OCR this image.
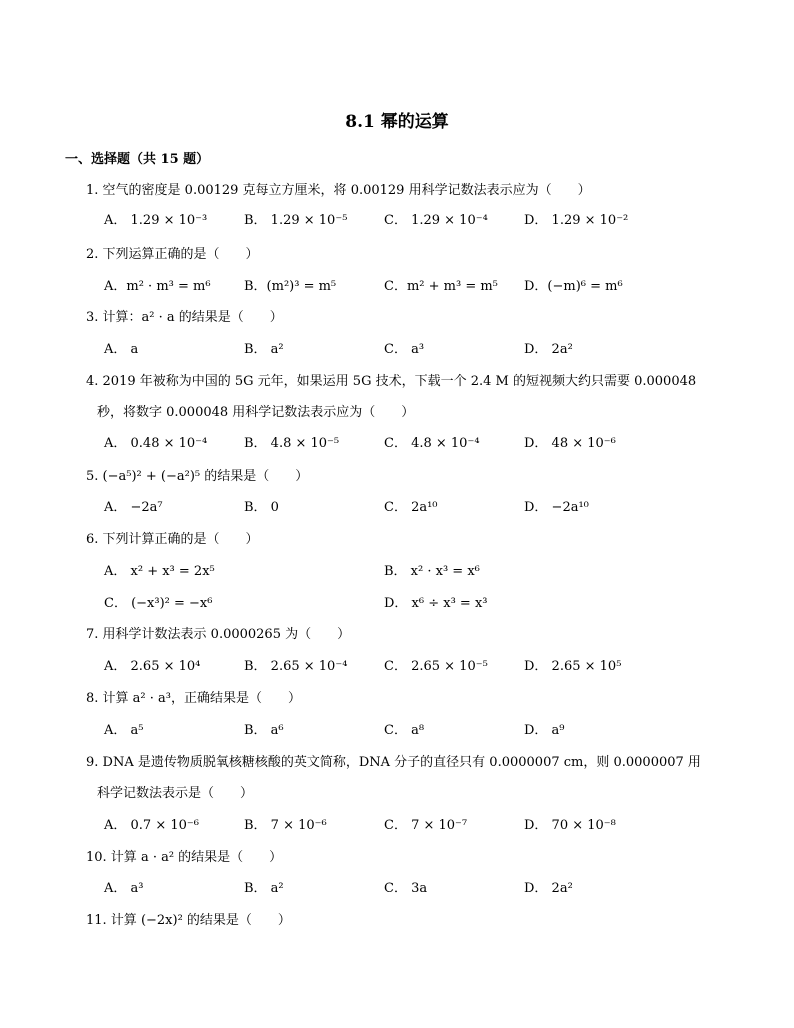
8.1 幂的运算
一、选择题（共 15 题）
1. 空气的密度是 0.00129 克每立方厘米，将 0.00129 用科学记数法表示应为（　　）
A． 1.29 × 10⁻³	B． 1.29 × 10⁻⁵	C． 1.29 × 10⁻⁴	D． 1.29 × 10⁻²
2. 下列运算正确的是（　　）
A．m² · m³ = m⁶	B．(m²)³ = m⁵	C．m² + m³ = m⁵ D．(−m)⁶ = m⁶
3. 计算：a² · a 的结果是（　　）
A． a	B． a²	C． a³	D． 2a²
4. 2019 年被称为中国的 5G 元年，如果运用 5G 技术，下载一个 2.4 M 的短视频大约只需要 0.000048
秒，将数字 0.000048 用科学记数法表示应为（　　）
A． 0.48 × 10⁻⁴	B． 4.8 × 10⁻⁵	C． 4.8 × 10⁻⁴	D． 48 × 10⁻⁶
5. (−a⁵)² + (−a²)⁵ 的结果是（　　）
A． −2a⁷	B． 0	C． 2a¹⁰	D． −2a¹⁰
6. 下列计算正确的是（　　）
A． x² + x³ = 2x⁵	B． x² · x³ = x⁶
C． (−x³)² = −x⁶	D． x⁶ ÷ x³ = x³
7. 用科学计数法表示 0.0000265 为（　　）
A． 2.65 × 10⁴	B． 2.65 × 10⁻⁴	C． 2.65 × 10⁻⁵	D． 2.65 × 10⁵
8. 计算 a² · a³，正确结果是（　　）
A． a⁵	B． a⁶	C． a⁸	D． a⁹
9. DNA 是遗传物质脱氧核糖核酸的英文简称，DNA 分子的直径只有 0.0000007 cm，则 0.0000007 用
科学记数法表示是（　　）
A． 0.7 × 10⁻⁶	B． 7 × 10⁻⁶	C． 7 × 10⁻⁷	D． 70 × 10⁻⁸
10. 计算 a · a² 的结果是（　　）
A． a³	B． a²	C． 3a	D． 2a²
11. 计算 (−2x)² 的结果是（　　）
